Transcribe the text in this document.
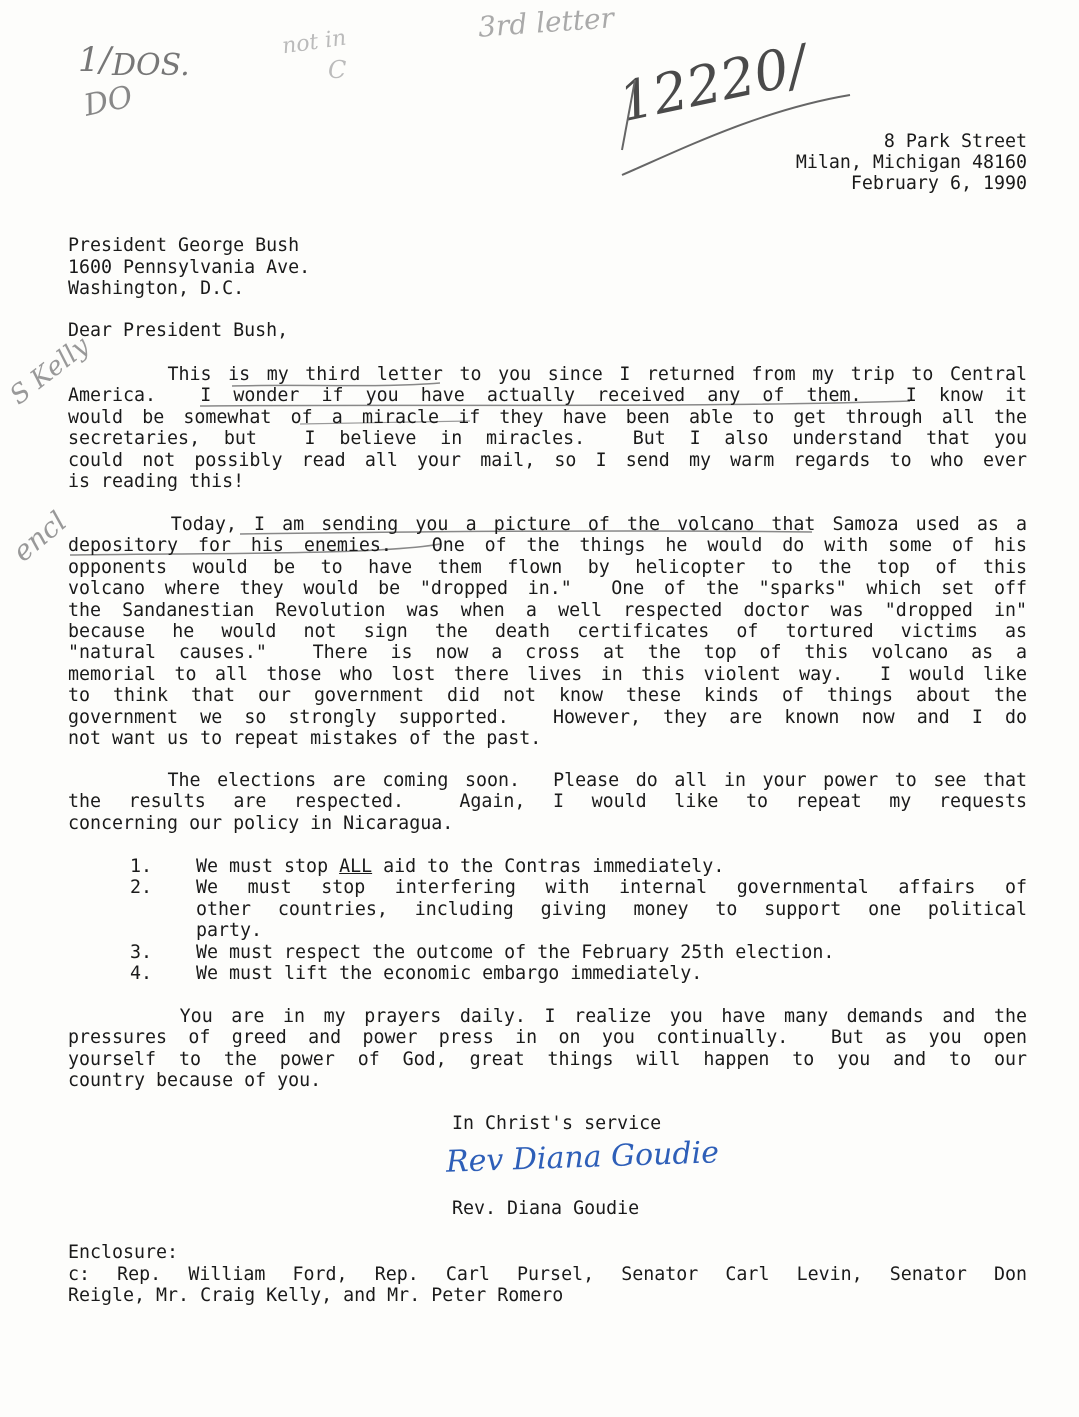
1/ DOS.
DO
not in
C
3rd letter
12220/
S Kelly
encl
8 Park Street
Milan, Michigan 48160
February 6, 1990
President George Bush
1600 Pennsylvania Ave.
Washington, D.C.
Dear President Bush,
This is my third letter to you since I returned from my trip to Central
America.  I wonder if you have actually received any of them.  I know it
would be somewhat of a miracle if they have been able to get through all the
secretaries, but  I believe in miracles.  But I also understand that you
could not possibly read all your mail, so I send my warm regards to who ever
is reading this!
Today, I am sending you a picture of the volcano that Samoza used as a
depository for his enemies.  One of the things he would do with some of his
opponents would be to have them flown by helicopter to the top of this
volcano where they would be "dropped in."  One of the "sparks" which set off
the Sandanestian Revolution was when a well respected doctor was "dropped in"
because he would not sign the death certificates of tortured victims as
"natural causes."  There is now a cross at the top of this volcano as a
memorial to all those who lost there lives in this violent way.  I would like
to think that our government did not know these kinds of things about the
government we so strongly supported.  However, they are known now and I do
not want us to repeat mistakes of the past.
The elections are coming soon.  Please do all in your power to see that
the results are respected.  Again, I would like to repeat my requests
concerning our policy in Nicaragua.
1. We must stop ALL aid to the Contras immediately.
2. We must stop interfering with internal governmental affairs of
other countries, including giving money to support one political
party.
3. We must respect the outcome of the February 25th election.
4. We must lift the economic embargo immediately.
You are in my prayers daily. I realize you have many demands and the
pressures of greed and power press in on you continually.  But as you open
yourself to the power of God, great things will happen to you and to our
country because of you.
In Christ's service
Rev Diana Goudie
Rev. Diana Goudie
Enclosure:
c: Rep. William Ford, Rep. Carl Pursel, Senator Carl Levin, Senator Don
Reigle, Mr. Craig Kelly, and Mr. Peter Romero
